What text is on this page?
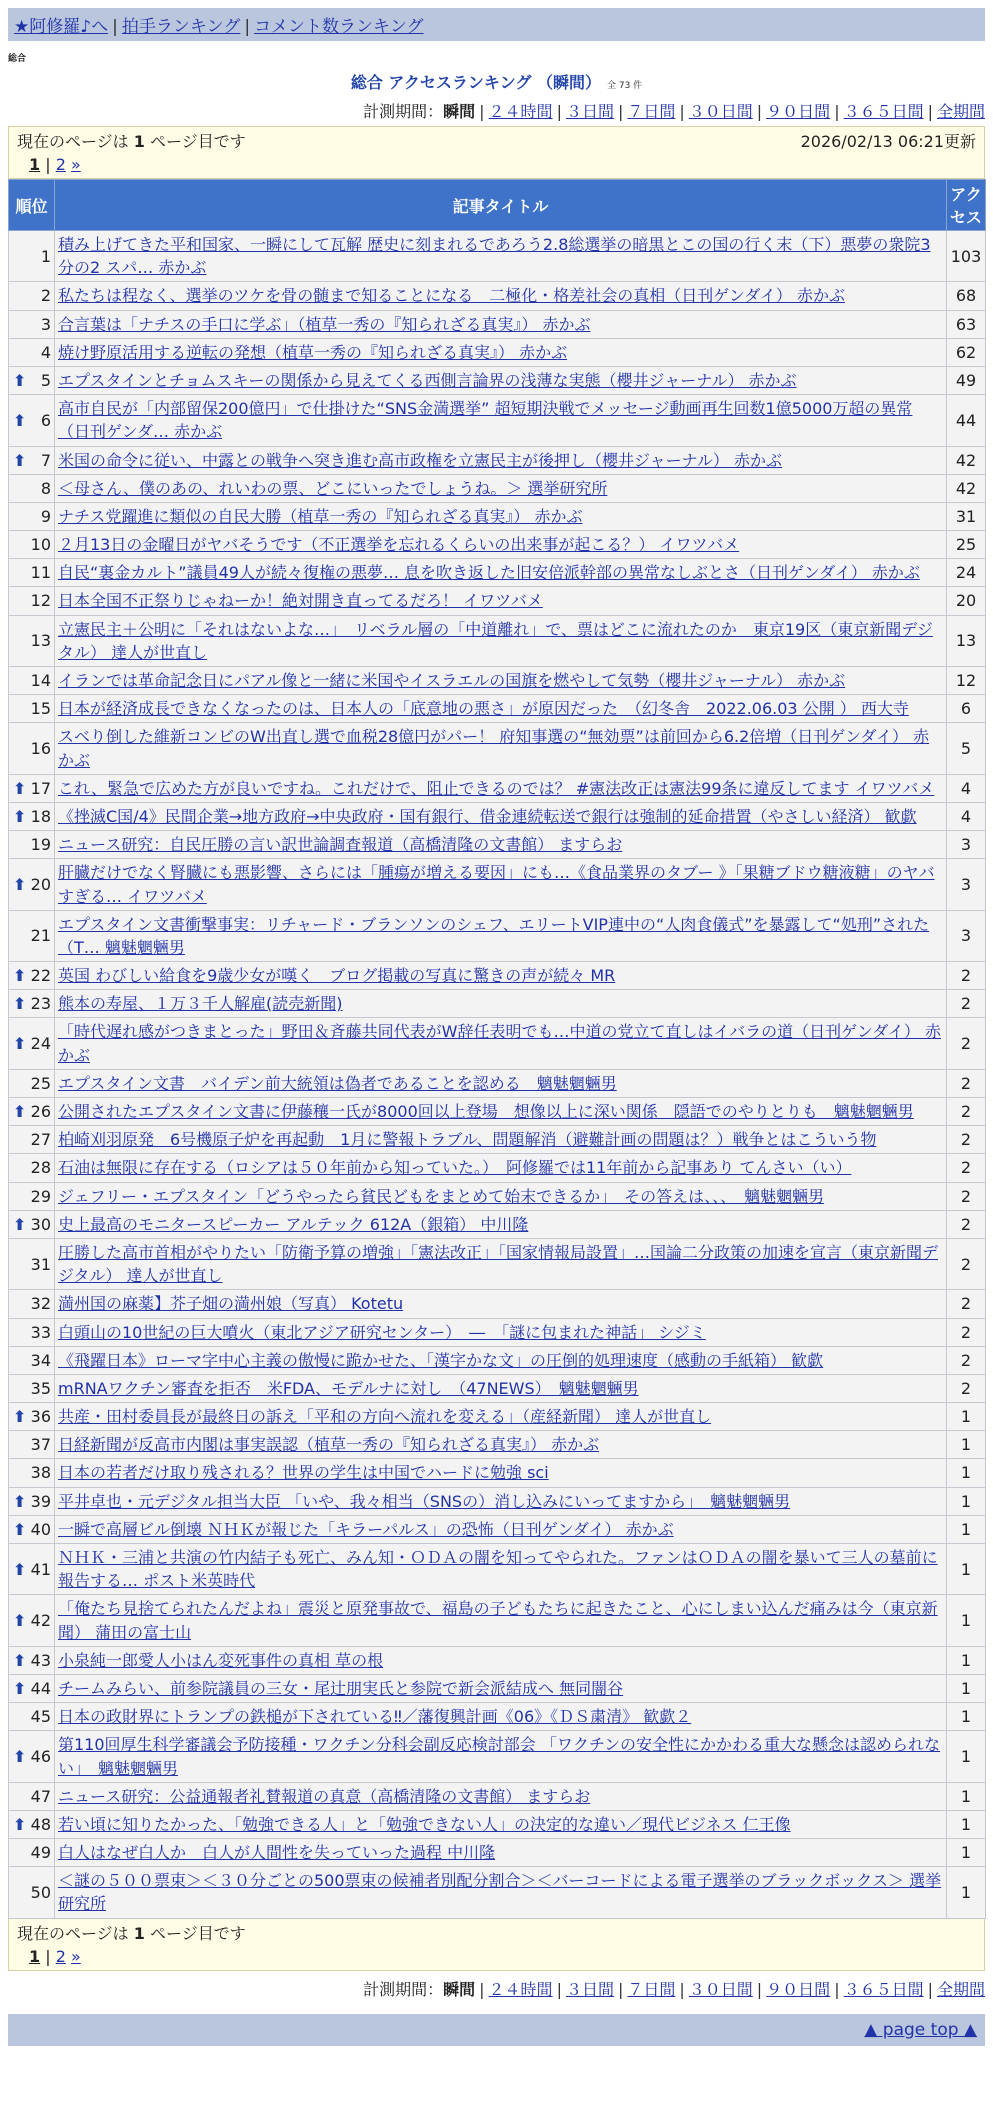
★阿修羅♪へ | 拍手ランキング | コメント数ランキング
総合
総合 アクセスランキング （瞬間） 全 73 件
計測期間：瞬間 | ２４時間 | ３日間 | ７日間 | ３０日間 | ９０日間 | ３６５日間 | 全期間
現在のページは 1 ページ目です	2026/02/13 06:21更新
1 | 2 »
順位	記事タイトル	アクセス
1	積み上げてきた平和国家、一瞬にして瓦解 歴史に刻まれるであろう2.8総選挙の暗黒とこの国の行く末（下）悪夢の衆院3分の2 スパ… 赤かぶ	103
2	私たちは程なく、選挙のツケを骨の髄まで知ることになる　二極化・格差社会の真相（日刊ゲンダイ） 赤かぶ	68
3	合言葉は「ナチスの手口に学ぶ」（植草一秀の『知られざる真実』） 赤かぶ	63
4	焼け野原活用する逆転の発想（植草一秀の『知られざる真実』） 赤かぶ	62

⬆ 5	エプスタインとチョムスキーの関係から見えてくる西側言論界の浅薄な実態（櫻井ジャーナル） 赤かぶ	49

⬆ 6	高市自民が「内部留保200億円」で仕掛けた“SNS金満選挙” 超短期決戦でメッセージ動画再生回数1億5000万超の異常（日刊ゲンダ… 赤かぶ	44

⬆ 7	米国の命令に従い、中露との戦争へ突き進む高市政権を立憲民主が後押し（櫻井ジャーナル） 赤かぶ	42
8	＜母さん、僕のあの、れいわの票、どこにいったでしょうね。＞ 選挙研究所	42
9	ナチス党躍進に類似の自民大勝（植草一秀の『知られざる真実』） 赤かぶ	31
10	２月13日の金曜日がヤバそうです（不正選挙を忘れるくらいの出来事が起こる？） イワツバメ	25
11	自民“裏金カルト”議員49人が続々復権の悪夢… 息を吹き返した旧安倍派幹部の異常なしぶとさ（日刊ゲンダイ） 赤かぶ	24
12	日本全国不正祭りじゃねーか！絶対開き直ってるだろ！ イワツバメ	20
13	立憲民主＋公明に「それはないよな…」　リベラル層の「中道離れ」で、票はどこに流れたのか　東京19区（東京新聞デジタル） 達人が世直し	13
14	イランでは革命記念日にパアル像と一緒に米国やイスラエルの国旗を燃やして気勢（櫻井ジャーナル） 赤かぶ	12
15	日本が経済成長できなくなったのは、日本人の「底意地の悪さ」が原因だった　（幻冬舎　2022.06.03 公開 ） 西大寺	6
16	スベり倒した維新コンビのW出直し選で血税28億円がパー！ 府知事選の“無効票”は前回から6.2倍増（日刊ゲンダイ） 赤かぶ	5

⬆ 17	これ、緊急で広めた方が良いですね。これだけで、阻止できるのでは？ #憲法改正は憲法99条に違反してます イワツバメ	4

⬆ 18	《挫滅C国/4》民間企業→地方政府→中央政府・国有銀行、借金連続転送で銀行は強制的延命措置（やさしい経済） 歓歔	4
19	ニュース研究：自民圧勝の言い訳世論調査報道（高橋清隆の文書館） ますらお	3

⬆ 20	肝臓だけでなく腎臓にも悪影響、さらには「腫瘍が増える要因」にも…《食品業界のタブー 》「果糖ブドウ糖液糖」のヤバすぎる… イワツバメ	3
21	エプスタイン文書衝撃事実：リチャード・ブランソンのシェフ、エリートVIP連中の“人肉食儀式”を暴露して“処刑”された（T… 魑魅魍魎男	3

⬆ 22	英国 わびしい給食を9歳少女が嘆く　ブログ掲載の写真に驚きの声が続々 MR	2

⬆ 23	熊本の寿屋、１万３千人解雇(読売新聞)	2

⬆ 24	「時代遅れ感がつきまとった」野田＆斉藤共同代表がW辞任表明でも…中道の党立て直しはイバラの道（日刊ゲンダイ） 赤かぶ	2
25	エプスタイン文書　バイデン前大統領は偽者であることを認める　魑魅魍魎男	2

⬆ 26	公開されたエプスタイン文書に伊藤穰一氏が8000回以上登場　想像以上に深い関係　隠語でのやりとりも　魑魅魍魎男	2
27	柏崎刈羽原発　6号機原子炉を再起動　1月に警報トラブル、問題解消（避難計画の問題は？）戦争とはこういう物	2
28	石油は無限に存在する（ロシアは５０年前から知っていた。）　阿修羅では11年前から記事あり てんさい（い）	2
29	ジェフリー・エプスタイン「どうやったら貧民どもをまとめて始末できるか」　その答えは、、、　魑魅魍魎男	2

⬆ 30	史上最高のモニタースピーカー アルテック 612A（銀箱） 中川隆	2
31	圧勝した高市首相がやりたい「防衛予算の増強」「憲法改正」「国家情報局設置」…国論二分政策の加速を宣言（東京新聞デジタル） 達人が世直し	2
32	満州国の麻薬】芥子畑の満州娘（写真） Kotetu	2
33	白頭山の10世紀の巨大噴火（東北アジア研究センター）　―　「謎に包まれた神話」 シジミ	2
34	《飛躍日本》ローマ字中心主義の傲慢に跪かせた、「漢字かな文」の圧倒的処理速度（感動の手紙箱） 歓歔	2
35	mRNAワクチン審査を拒否　米FDA、モデルナに対し　（47NEWS）　魑魅魍魎男	2

⬆ 36	共産・田村委員長が最終日の訴え「平和の方向へ流れを変える」（産経新聞） 達人が世直し	1
37	日経新聞が反高市内閣は事実誤認（植草一秀の『知られざる真実』） 赤かぶ	1
38	日本の若者だけ取り残される？世界の学生は中国でハードに勉強 sci	1

⬆ 39	平井卓也・元デジタル担当大臣 「いや、我々相当（SNSの）消し込みにいってますから」　魑魅魍魎男	1

⬆ 40	一瞬で高層ビル倒壊 ＮＨＫが報じた「キラーパルス」の恐怖（日刊ゲンダイ） 赤かぶ	1

⬆ 41	ＮＨＫ・三浦と共演の竹内結子も死亡、みん知・ＯＤＡの闇を知ってやられた。ファンはＯＤＡの闇を暴いて三人の墓前に報告する… ポスト米英時代	1

⬆ 42	「俺たち見捨てられたんだよね」震災と原発事故で、福島の子どもたちに起きたこと、心にしまい込んだ痛みは今（東京新聞） 蒲田の富士山	1

⬆ 43	小泉純一郎愛人小はん変死事件の真相 草の根	1

⬆ 44	チームみらい、前参院議員の三女・尾辻朋実氏と参院で新会派結成へ 無同闇谷	1
45	日本の政財界にトランプの鉄槌が下されている‼／藩復興計画《06》《ＤＳ粛清》 歓歔２	1

⬆ 46	第110回厚生科学審議会予防接種・ワクチン分科会副反応検討部会 「ワクチンの安全性にかかわる重大な懸念は認められない」　魑魅魍魎男	1
47	ニュース研究：公益通報者礼賛報道の真意（高橋清隆の文書館） ますらお	1

⬆ 48	若い頃に知りたかった、「勉強できる人」と「勉強できない人」の決定的な違い／現代ビジネス 仁王像	1
49	白人はなぜ白人か　白人が人間性を失っていった過程 中川隆	1
50	＜謎の５００票束＞＜３０分ごとの500票束の候補者別配分割合＞＜バーコードによる電子選挙のブラックボックス＞ 選挙研究所	1
現在のページは 1 ページ目です
1 | 2 »
計測期間：瞬間 | ２４時間 | ３日間 | ７日間 | ３０日間 | ９０日間 | ３６５日間 | 全期間
▲ page top ▲
